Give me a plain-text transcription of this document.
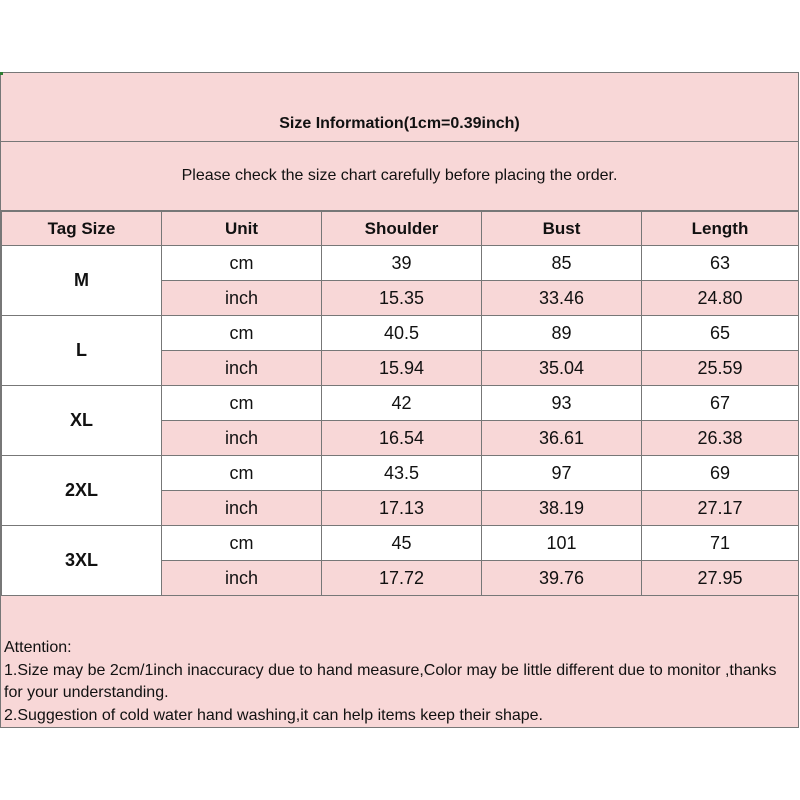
Size Information(1cm=0.39inch)
Please check the size chart carefully before placing the order.
Tag Size	Unit	Shoulder	Bust	Length
M	cm	39	85	63
	inch	15.35	33.46	24.80
L	cm	40.5	89	65
	inch	15.94	35.04	25.59
XL	cm	42	93	67
	inch	16.54	36.61	26.38
2XL	cm	43.5	97	69
	inch	17.13	38.19	27.17
3XL	cm	45	101	71
	inch	17.72	39.76	27.95
Attention:
1.Size may be 2cm/1inch inaccuracy due to hand measure,Color may be little different due to monitor ,thanks for your understanding.
2.Suggestion of cold water hand washing,it can help items keep their shape.
